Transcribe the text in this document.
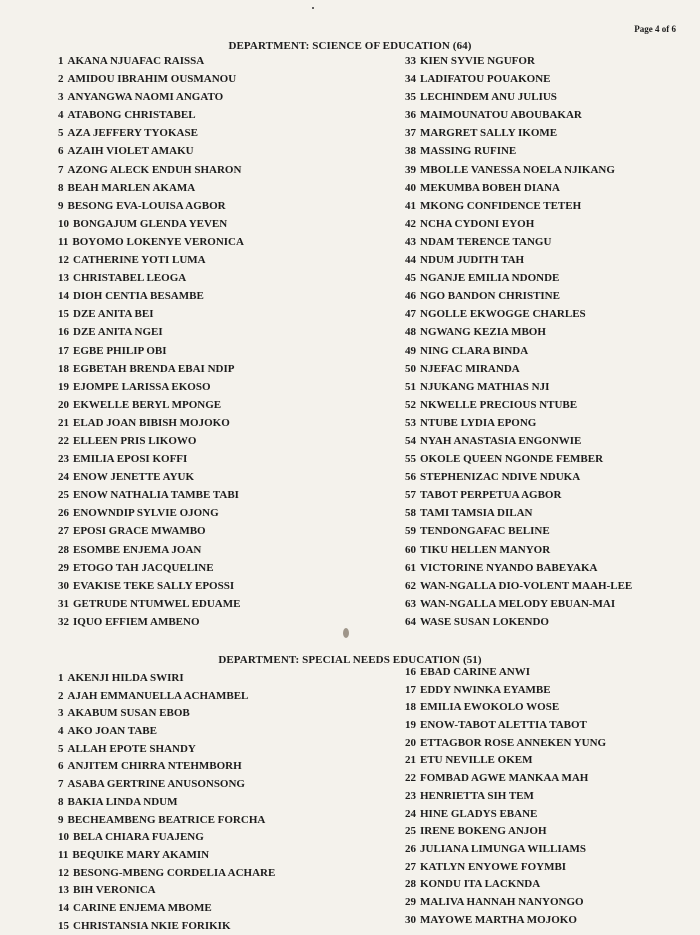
Page 4 of 6
DEPARTMENT: SCIENCE OF EDUCATION (64)
1 AKANA NJUAFAC RAISSA
2 AMIDOU IBRAHIM OUSMANOU
3 ANYANGWA NAOMI ANGATO
4 ATABONG CHRISTABEL
5 AZA JEFFERY TYOKASE
6 AZAIH VIOLET AMAKU
7 AZONG ALECK ENDUH SHARON
8 BEAH MARLEN AKAMA
9 BESONG EVA-LOUISA AGBOR
10 BONGAJUM GLENDA YEVEN
11 BOYOMO LOKENYE VERONICA
12 CATHERINE YOTI LUMA
13 CHRISTABEL LEOGA
14 DIOH CENTIA BESAMBE
15 DZE ANITA BEI
16 DZE ANITA NGEI
17 EGBE PHILIP OBI
18 EGBETAH BRENDA EBAI NDIP
19 EJOMPE LARISSA EKOSO
20 EKWELLE BERYL MPONGE
21 ELAD JOAN BIBISH MOJOKO
22 ELLEEN PRIS LIKOWO
23 EMILIA EPOSI KOFFI
24 ENOW JENETTE AYUK
25 ENOW NATHALIA TAMBE TABI
26 ENOWNDIP SYLVIE OJONG
27 EPOSI GRACE MWAMBO
28 ESOMBE ENJEMA JOAN
29 ETOGO TAH JACQUELINE
30 EVAKISE TEKE SALLY EPOSSI
31 GETRUDE NTUMWEL EDUAME
32 IQUO EFFIEM AMBENO
33 KIEN SYVIE NGUFOR
34 LADIFATOU POUAKONE
35 LECHINDEM ANU JULIUS
36 MAIMOUNATOU ABOUBAKAR
37 MARGRET SALLY IKOME
38 MASSING RUFINE
39 MBOLLE VANESSA NOELA NJIKANG
40 MEKUMBA BOBEH DIANA
41 MKONG CONFIDENCE TETEH
42 NCHA CYDONI EYOH
43 NDAM TERENCE TANGU
44 NDUM JUDITH TAH
45 NGANJE EMILIA NDONDE
46 NGO BANDON CHRISTINE
47 NGOLLE EKWOGGE CHARLES
48 NGWANG KEZIA MBOH
49 NING CLARA BINDA
50 NJEFAC MIRANDA
51 NJUKANG MATHIAS NJI
52 NKWELLE PRECIOUS NTUBE
53 NTUBE LYDIA EPONG
54 NYAH ANASTASIA ENGONWIE
55 OKOLE QUEEN NGONDE FEMBER
56 STEPHENIZAC NDIVE NDUKA
57 TABOT PERPETUA AGBOR
58 TAMI TAMSIA DILAN
59 TENDONGAFAC BELINE
60 TIKU HELLEN MANYOR
61 VICTORINE NYANDO BABEYAKA
62 WAN-NGALLA DIO-VOLENT MAAH-LEE
63 WAN-NGALLA MELODY EBUAN-MAI
64 WASE SUSAN LOKENDO
DEPARTMENT: SPECIAL NEEDS EDUCATION (51)
1 AKENJI HILDA SWIRI
2 AJAH EMMANUELLA ACHAMBEL
3 AKABUM SUSAN EBOB
4 AKO JOAN TABE
5 ALLAH EPOTE SHANDY
6 ANJITEM CHIRRA NTEHMBORH
7 ASABA GERTRINE ANUSONSONG
8 BAKIA LINDA NDUM
9 BECHEAMBENG BEATRICE FORCHA
10 BELA CHIARA FUAJENG
11 BEQUIKE MARY AKAMIN
12 BESONG-MBENG CORDELIA ACHARE
13 BIH VERONICA
14 CARINE ENJEMA MBOME
15 CHRISTANSIA NKIE FORIKIK
16 EBAD CARINE ANWI
17 EDDY NWINKA EYAMBE
18 EMILIA EWOKOLO WOSE
19 ENOW-TABOT ALETTIA TABOT
20 ETTAGBOR ROSE ANNEKEN YUNG
21 ETU NEVILLE OKEM
22 FOMBAD AGWE MANKAA MAH
23 HENRIETTA SIH TEM
24 HINE GLADYS EBANE
25 IRENE BOKENG ANJOH
26 JULIANA LIMUNGA WILLIAMS
27 KATLYN ENYOWE FOYMBI
28 KONDU ITA LACKNDA
29 MALIVA HANNAH NANYONGO
30 MAYOWE MARTHA MOJOKO
